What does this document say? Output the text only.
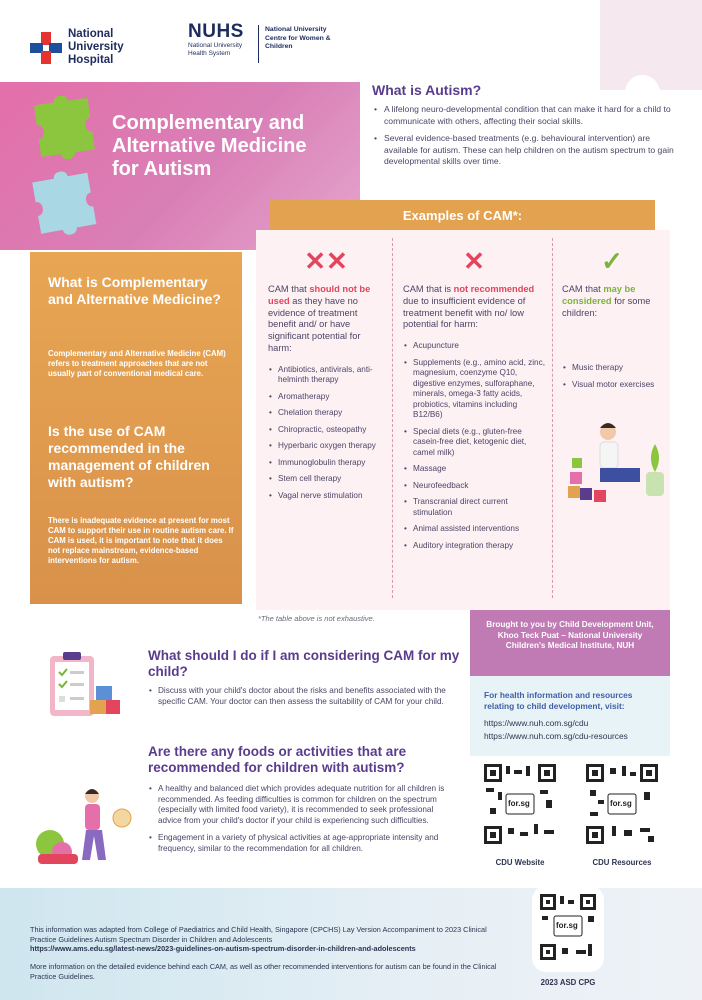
National University Hospital
NUHS
National University Health System
National University Centre for Women & Children
Complementary and Alternative Medicine for Autism
What is Autism?
• A lifelong neuro-developmental condition that can make it hard for a child to communicate with others, affecting their social skills.
• Several evidence-based treatments (e.g. behavioural intervention) are available for autism. These can help children on the autism spectrum to gain developmental skills over time.
Examples of CAM*:
✕✕
CAM that should not be used as they have no evidence of treatment benefit and/ or have significant potential for harm:
• Antibiotics, antivirals, anti-helminth therapy
• Aromatherapy
• Chelation therapy
• Chiropractic, osteopathy
• Hyperbaric oxygen therapy
• Immunoglobulin therapy
• Stem cell therapy
• Vagal nerve stimulation
✕
CAM that is not recommended due to insufficient evidence of treatment benefit with no/ low potential for harm:
• Acupuncture
• Supplements (e.g., amino acid, zinc, magnesium, coenzyme Q10, digestive enzymes, sulforaphane, minerals, omega-3 fatty acids, probiotics, vitamins including B12/B6)
• Special diets (e.g., gluten-free casein-free diet, ketogenic diet, camel milk)
• Massage
• Neurofeedback
• Transcranial direct current stimulation
• Animal assisted interventions
• Auditory integration therapy
✓
CAM that may be considered for some children:
• Music therapy
• Visual motor exercises
*The table above is not exhaustive.
What is Complementary and Alternative Medicine?
Complementary and Alternative Medicine (CAM) refers to treatment approaches that are not usually part of conventional medical care.
Is the use of CAM recommended in the management of children with autism?
There is inadequate evidence at present for most CAM to support their use in routine autism care. If CAM is used, it is important to note that it does not replace mainstream, evidence-based interventions for autism.
Brought to you by Child Development Unit, Khoo Teck Puat – National University Children's Medical Institute, NUH
For health information and resources relating to child development, visit:
https://www.nuh.com.sg/cdu
https://www.nuh.com.sg/cdu-resources
for.sg	for.sg
CDU Website	CDU Resources
What should I do if I am considering CAM for my child?
• Discuss with your child's doctor about the risks and benefits associated with the specific CAM. Your doctor can then assess the suitability of CAM for your child.
Are there any foods or activities that are recommended for children with autism?
• A healthy and balanced diet which provides adequate nutrition for all children is recommended. As feeding difficulties is common for children on the spectrum (especially with limited food variety), it is recommended to seek professional advice from your child's doctor if your child is experiencing such difficulties.
• Engagement in a variety of physical activities at age-appropriate intensity and frequency, similar to the recommendation for all children.
This information was adapted from College of Paediatrics and Child Health, Singapore (CPCHS) Lay Version Accompaniment to 2023 Clinical Practice Guidelines Autism Spectrum Disorder in Children and Adolescents
https://www.ams.edu.sg/latest-news/2023-guidelines-on-autism-spectrum-disorder-in-children-and-adolescents
More information on the detailed evidence behind each CAM, as well as other recommended interventions for autism can be found in the Clinical Practice Guidelines.
for.sg
2023 ASD CPG
